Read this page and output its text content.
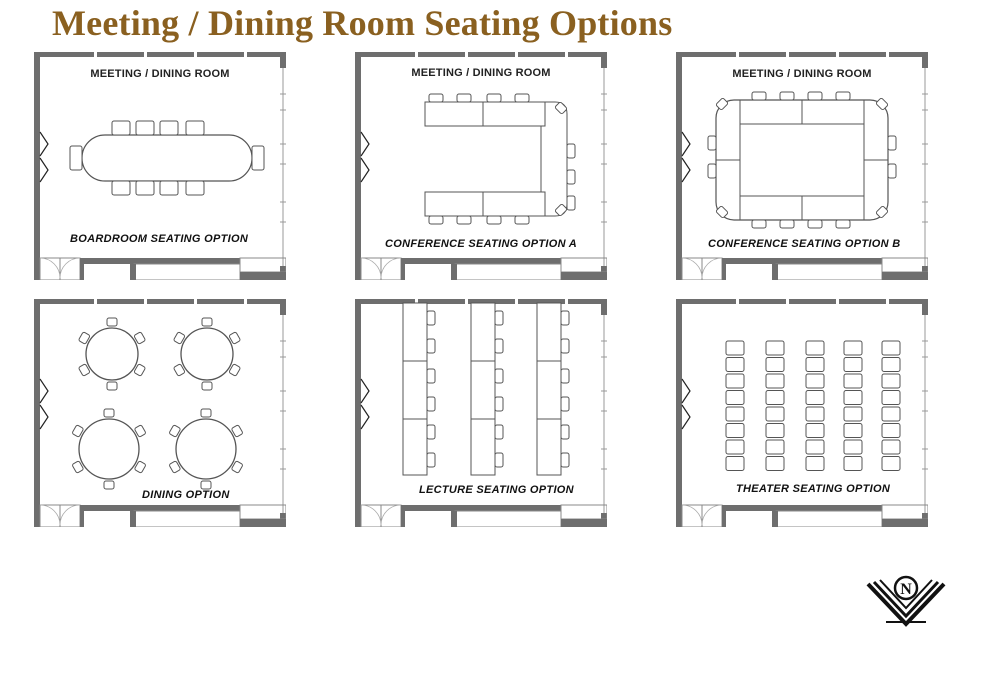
Meeting / Dining Room Seating Options
MEETING / DINING ROOM
BOARDROOM SEATING OPTION
MEETING / DINING ROOM
CONFERENCE SEATING OPTION A
MEETING / DINING ROOM
CONFERENCE SEATING OPTION B
DINING OPTION	LECTURE SEATING OPTION	THEATER SEATING OPTION
N
